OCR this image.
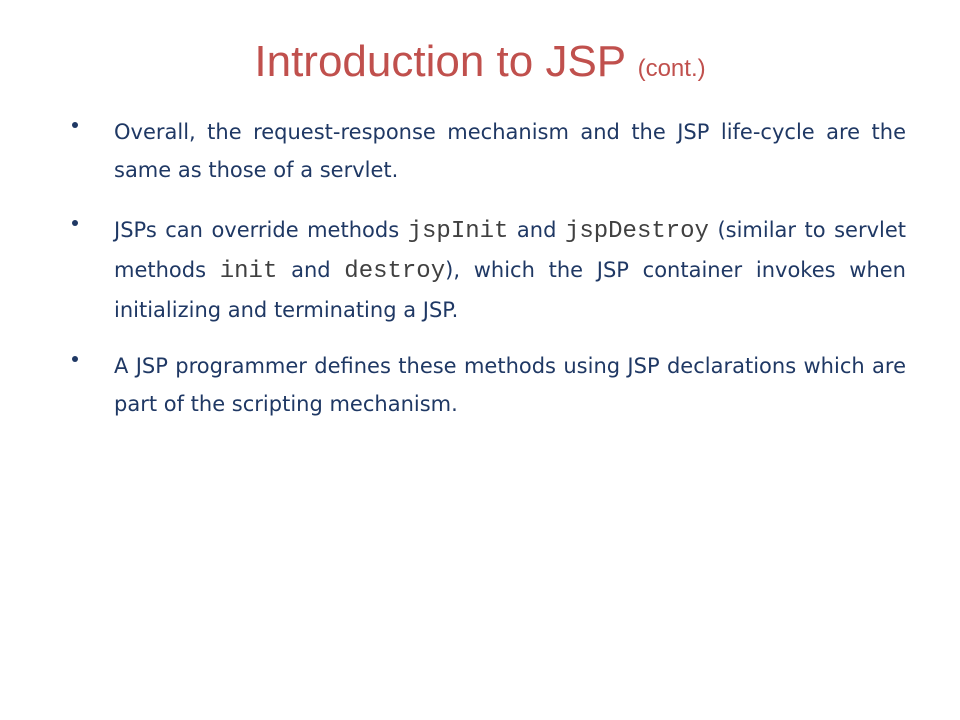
Introduction to JSP (cont.)

Overall, the request-response mechanism and the JSP life-cycle are the same as those of a servlet.

JSPs can override methods jspInit and jspDestroy (similar to servlet methods init and destroy), which the JSP container invokes when initializing and terminating a JSP.

A JSP programmer defines these methods using JSP declarations which are part of the scripting mechanism.
